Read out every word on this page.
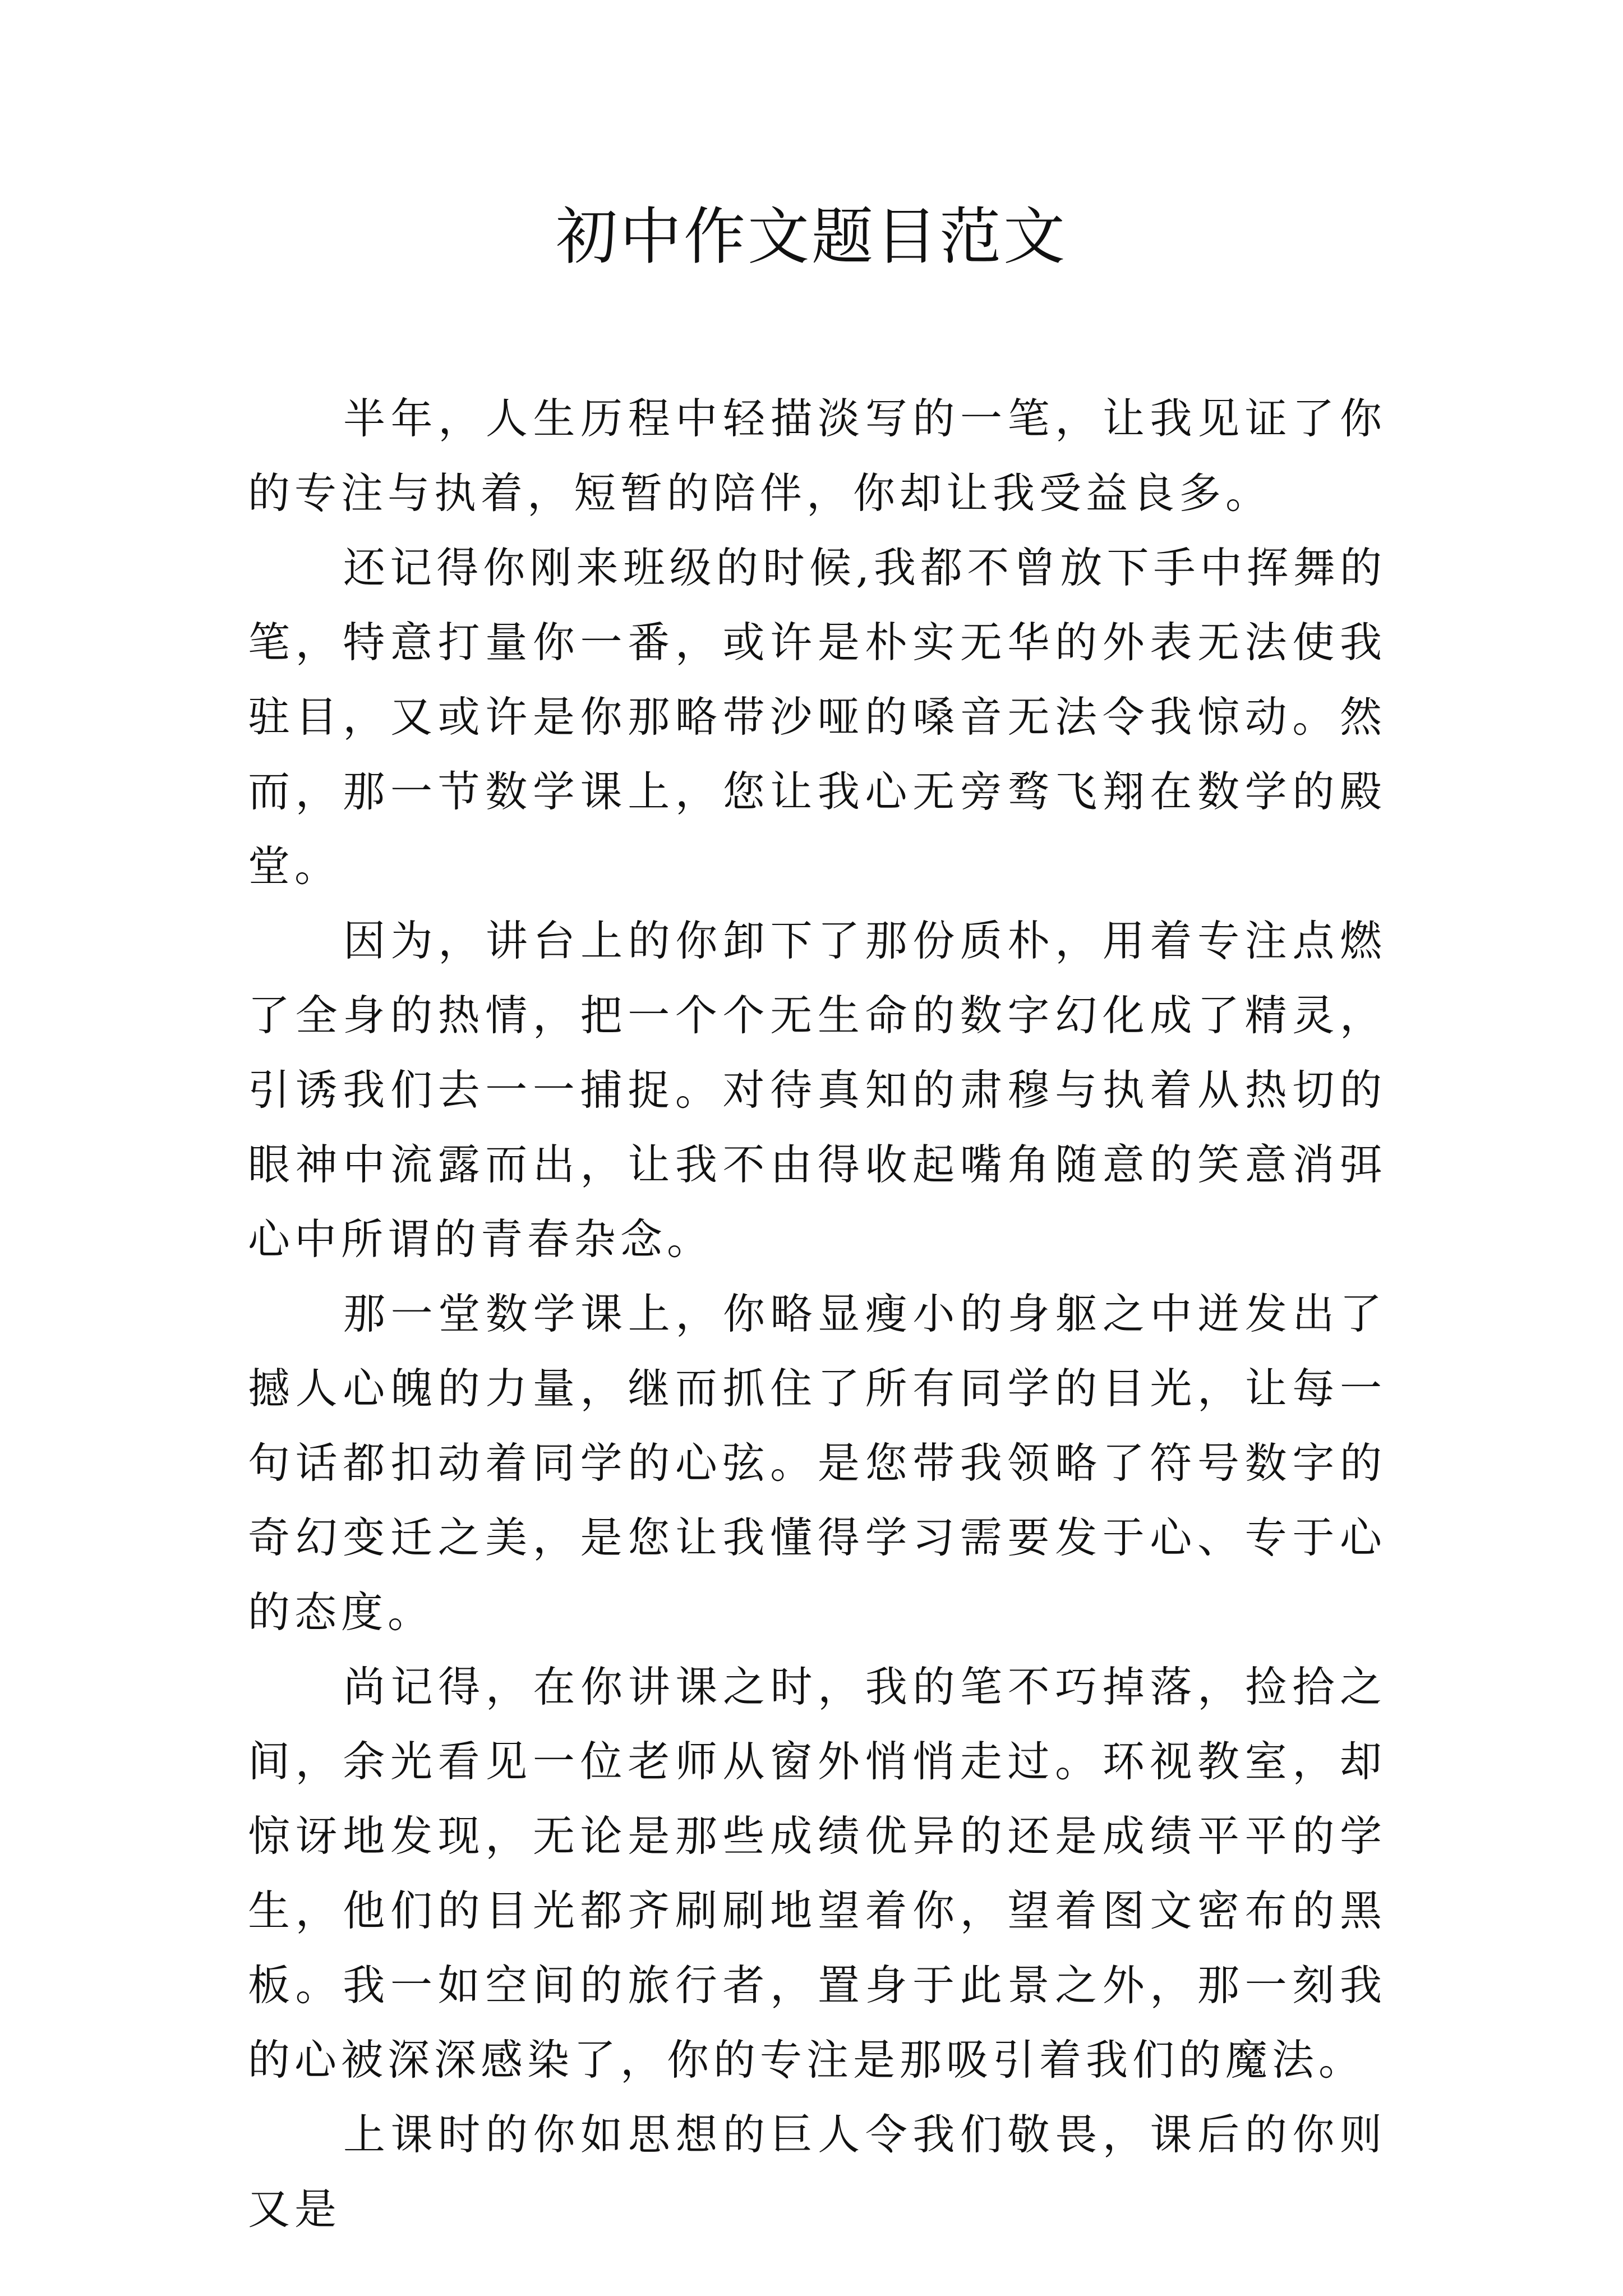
初中作文题目范文

半年，人生历程中轻描淡写的一笔，让我见证了你的专注与执着，短暂的陪伴，你却让我受益良多。

还记得你刚来班级的时候,我都不曾放下手中挥舞的笔，特意打量你一番，或许是朴实无华的外表无法使我驻目，又或许是你那略带沙哑的嗓音无法令我惊动。然而，那一节数学课上，您让我心无旁骛飞翔在数学的殿堂。

因为，讲台上的你卸下了那份质朴，用着专注点燃了全身的热情，把一个个无生命的数字幻化成了精灵，引诱我们去一一捕捉。对待真知的肃穆与执着从热切的眼神中流露而出，让我不由得收起嘴角随意的笑意消弭心中所谓的青春杂念。

那一堂数学课上，你略显瘦小的身躯之中迸发出了撼人心魄的力量，继而抓住了所有同学的目光，让每一句话都扣动着同学的心弦。是您带我领略了符号数字的奇幻变迁之美，是您让我懂得学习需要发于心、专于心的态度。

尚记得，在你讲课之时，我的笔不巧掉落，捡拾之间，余光看见一位老师从窗外悄悄走过。环视教室，却惊讶地发现，无论是那些成绩优异的还是成绩平平的学生，他们的目光都齐刷刷地望着你，望着图文密布的黑板。我一如空间的旅行者，置身于此景之外，那一刻我的心被深深感染了，你的专注是那吸引着我们的魔法。

上课时的你如思想的巨人令我们敬畏，课后的你则又是
